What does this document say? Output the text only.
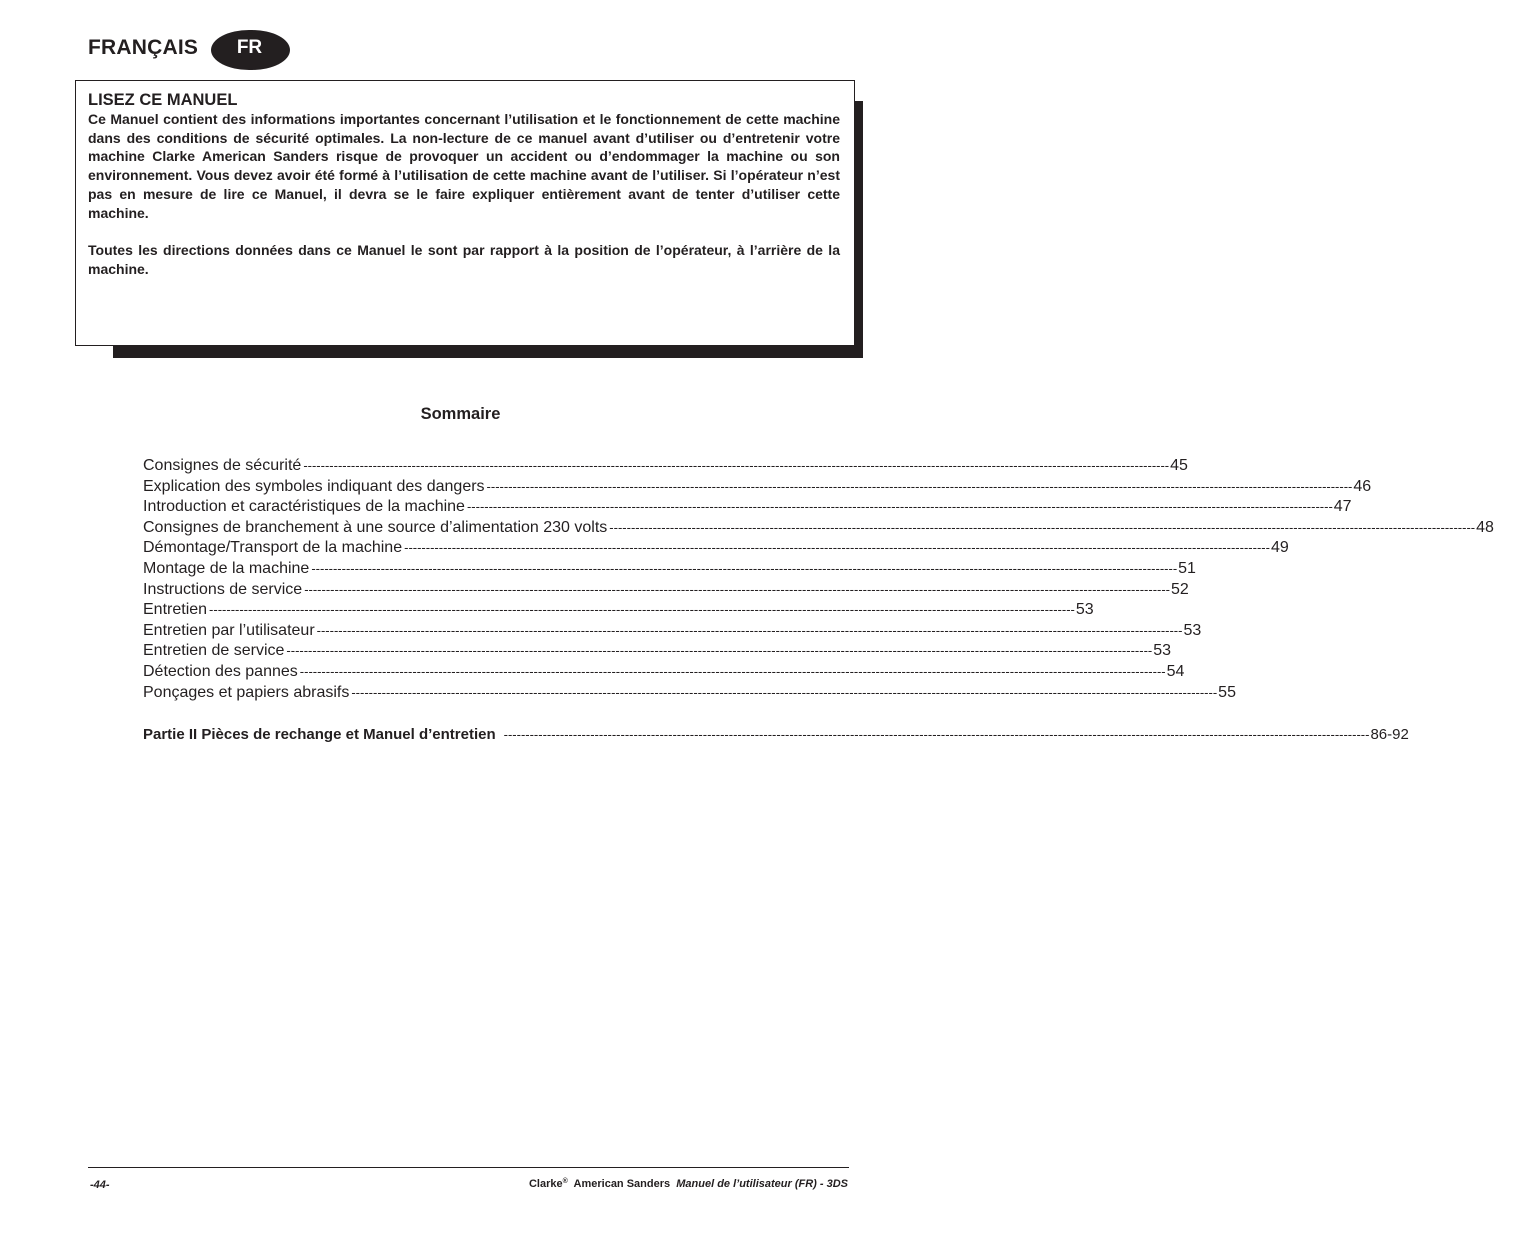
FRANÇAIS	FR
LISEZ CE MANUEL

Ce Manuel contient des informations importantes concernant l’utilisation et le fonctionnement de cette machine dans des conditions de sécurité optimales. La non-lecture de ce manuel avant d’utiliser ou d’entretenir votre machine Clarke American Sanders risque de provoquer un accident ou d’endommager la machine ou son environnement. Vous devez avoir été formé à l’utilisation de cette machine avant de l’utiliser. Si l’opérateur n’est pas en mesure de lire ce Manuel, il devra se le faire expliquer entièrement avant de tenter d’utiliser cette machine.

Toutes les directions données dans ce Manuel le sont par rapport à la position de l’opérateur, à l’arrière de la machine.

Sommaire
Consignes de sécurité -------------------------------------------------------------------------------------------------------------------------------------------------------------------------------------------------------- 45
Explication des symboles indiquant des dangers -------------------------------------------------------------------------------------------------------------------------------------------------------------------------------------------------------- 46
Introduction et caractéristiques de la machine -------------------------------------------------------------------------------------------------------------------------------------------------------------------------------------------------------- 47
Consignes de branchement à une source d’alimentation 230 volts -------------------------------------------------------------------------------------------------------------------------------------------------------------------------------------------------------- 48
Démontage/Transport de la machine -------------------------------------------------------------------------------------------------------------------------------------------------------------------------------------------------------- 49
Montage de la machine -------------------------------------------------------------------------------------------------------------------------------------------------------------------------------------------------------- 51
Instructions de service -------------------------------------------------------------------------------------------------------------------------------------------------------------------------------------------------------- 52
Entretien -------------------------------------------------------------------------------------------------------------------------------------------------------------------------------------------------------- 53
Entretien par l’utilisateur -------------------------------------------------------------------------------------------------------------------------------------------------------------------------------------------------------- 53
Entretien de service -------------------------------------------------------------------------------------------------------------------------------------------------------------------------------------------------------- 53
Détection des pannes -------------------------------------------------------------------------------------------------------------------------------------------------------------------------------------------------------- 54
Ponçages et papiers abrasifs -------------------------------------------------------------------------------------------------------------------------------------------------------------------------------------------------------- 55
Partie II Pièces de rechange et Manuel d’entretien -------------------------------------------------------------------------------------------------------------------------------------------------------------------------------------------------------- 86-92
-44-	Clarke® American Sanders Manuel de l’utilisateur (FR) - 3DS
